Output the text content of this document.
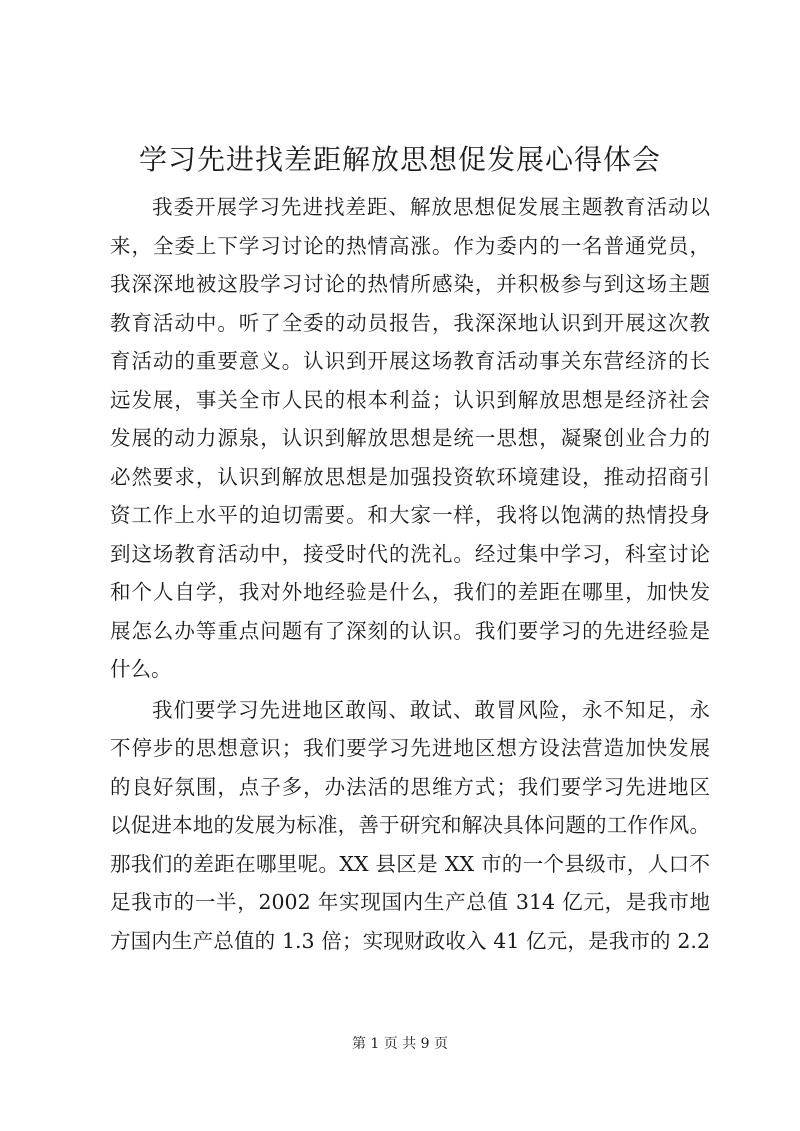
学习先进找差距解放思想促发展心得体会
我委开展学习先进找差距、解放思想促发展主题教育活动以
来，全委上下学习讨论的热情高涨。作为委内的一名普通党员，
我深深地被这股学习讨论的热情所感染，并积极参与到这场主题
教育活动中。听了全委的动员报告，我深深地认识到开展这次教
育活动的重要意义。认识到开展这场教育活动事关东营经济的长
远发展，事关全市人民的根本利益；认识到解放思想是经济社会
发展的动力源泉，认识到解放思想是统一思想，凝聚创业合力的
必然要求，认识到解放思想是加强投资软环境建设，推动招商引
资工作上水平的迫切需要。和大家一样，我将以饱满的热情投身
到这场教育活动中，接受时代的洗礼。经过集中学习，科室讨论
和个人自学，我对外地经验是什么，我们的差距在哪里，加快发
展怎么办等重点问题有了深刻的认识。我们要学习的先进经验是
什么。
我们要学习先进地区敢闯、敢试、敢冒风险，永不知足，永
不停步的思想意识；我们要学习先进地区想方设法营造加快发展
的良好氛围，点子多，办法活的思维方式；我们要学习先进地区
以促进本地的发展为标准，善于研究和解决具体问题的工作作风。
那我们的差距在哪里呢。XX 县区是 XX 市的一个县级市，人口不
足我市的一半，2002 年实现国内生产总值 314 亿元，是我市地
方国内生产总值的 1.3 倍；实现财政收入 41 亿元，是我市的 2.2
第 1 页 共 9 页
